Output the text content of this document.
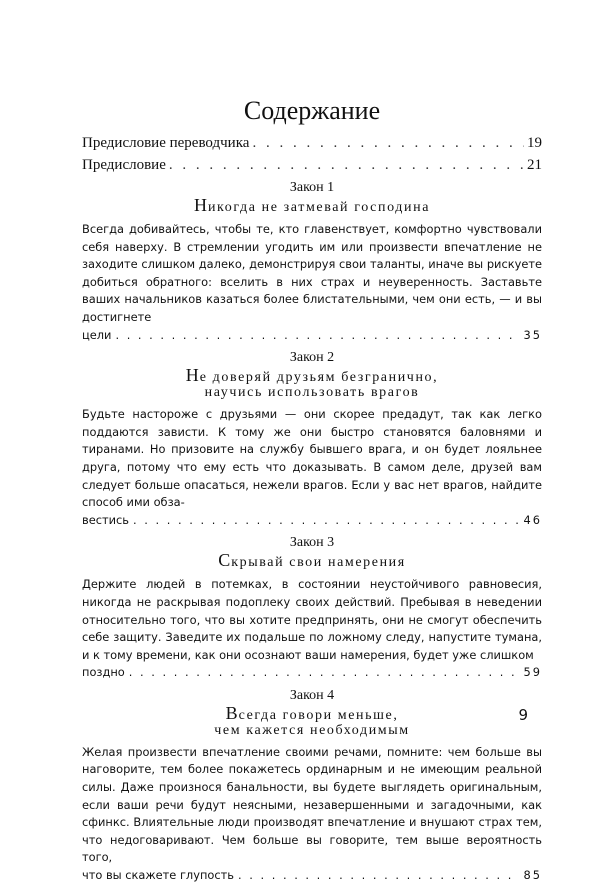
Содержание
Предисловие переводчика . . .	19
Предисловие . . .	21
Закон 1
Никогда не затмевай господина
Всегда добивайтесь, чтобы те, кто главенствует, комфортно чувствовали себя наверху. В стремлении угодить им или произвести впечатление не заходите слишком далеко, демонстрируя свои таланты, иначе вы рискуете добиться обратного: вселить в них страх и неуверенность. Заставьте ваших начальников казаться более блистательными, чем они есть, — и вы достигнете
цели . . .	35
Закон 2
Не доверяй друзьям безгранично,
научись использовать врагов
Будьте настороже с друзьями — они скорее предадут, так как легко поддаются зависти. К тому же они быстро становятся баловнями и тиранами. Но призовите на службу бывшего врага, и он будет лояльнее друга, потому что ему есть что доказывать. В самом деле, друзей вам следует больше опасаться, нежели врагов. Если у вас нет врагов, найдите способ ими обза-
вестись . . .	46
Закон 3
Скрывай свои намерения
Держите людей в потемках, в состоянии неустойчивого равновесия, никогда не раскрывая подоплеку своих действий. Пребывая в неведении относительно того, что вы хотите предпринять, они не смогут обеспечить себе защиту. Заведите их подальше по ложному следу, напустите тумана, и к тому времени, как они осознают ваши намерения, будет уже слишком
поздно . . .	59
Закон 4
Всегда говори меньше,
чем кажется необходимым
Желая произвести впечатление своими речами, помните: чем больше вы наговорите, тем более покажетесь ординарным и не имеющим реальной силы. Даже произнося банальности, вы будете выглядеть оригинальным, если ваши речи будут неясными, незавершенными и загадочными, как сфинкс. Влиятельные люди производят впечатление и внушают страх тем, что недоговаривают. Чем больше вы говорите, тем выше вероятность того,
что вы скажете глупость . . .	85
9
